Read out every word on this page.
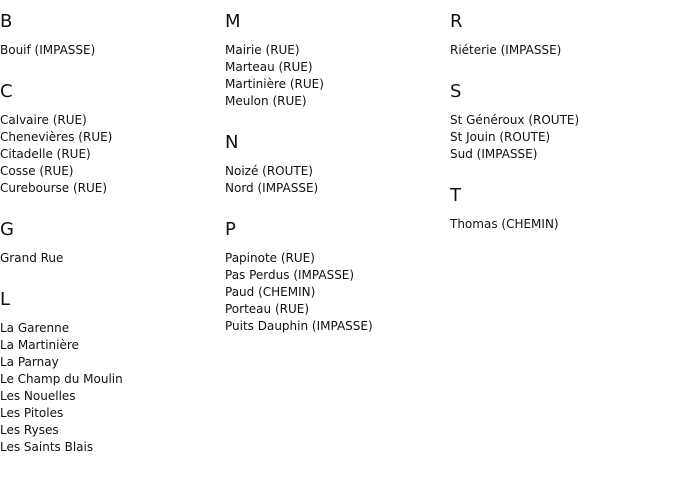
B
Bouif (IMPASSE)
C
Calvaire (RUE)
Chenevières (RUE)
Citadelle (RUE)
Cosse (RUE)
Curebourse (RUE)
G
Grand Rue
L
La Garenne
La Martinière
La Parnay
Le Champ du Moulin
Les Nouelles
Les Pitoles
Les Ryses
Les Saints Blais
M
Mairie (RUE)
Marteau (RUE)
Martinière (RUE)
Meulon (RUE)
N
Noizé (ROUTE)
Nord (IMPASSE)
P
Papinote (RUE)
Pas Perdus (IMPASSE)
Paud (CHEMIN)
Porteau (RUE)
Puits Dauphin (IMPASSE)
R
Riéterie (IMPASSE)
S
St Généroux (ROUTE)
St Jouin (ROUTE)
Sud (IMPASSE)
T
Thomas (CHEMIN)
